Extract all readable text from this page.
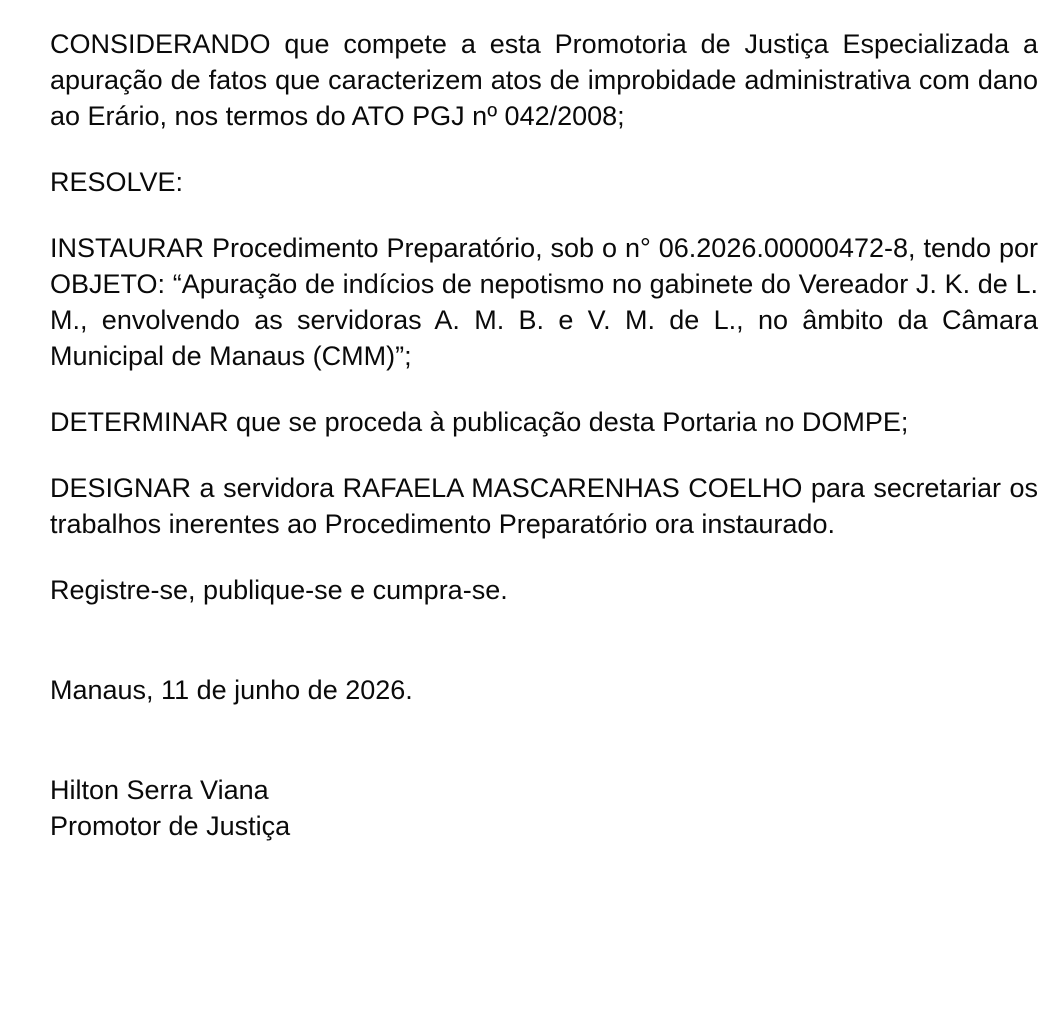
CONSIDERANDO que compete a esta Promotoria de Justiça Especializada a apuração de fatos que caracterizem atos de improbidade administrativa com dano ao Erário, nos termos do ATO PGJ nº 042/2008;

RESOLVE:

INSTAURAR Procedimento Preparatório, sob o n° 06.2026.00000472-8, tendo por OBJETO: “Apuração de indícios de nepotismo no gabinete do Vereador J. K. de L. M., envolvendo as servidoras A. M. B. e V. M. de L., no âmbito da Câmara Municipal de Manaus (CMM)”;

DETERMINAR que se proceda à publicação desta Portaria no DOMPE;

DESIGNAR a servidora RAFAELA MASCARENHAS COELHO para secretariar os trabalhos inerentes ao Procedimento Preparatório ora instaurado.

Registre-se, publique-se e cumpra-se.

Manaus, 11 de junho de 2026.

Hilton Serra Viana

Promotor de Justiça
